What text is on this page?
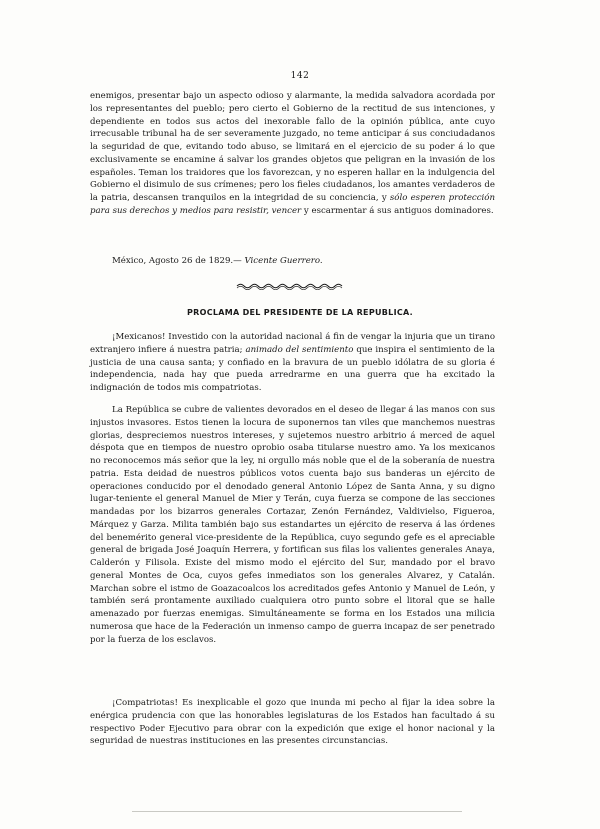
142

enemigos, presentar bajo un aspecto odioso y alarmante, la medida salvadora acordada por los representantes del pueblo; pero cierto el Gobierno de la rectitud de sus intenciones, y dependiente en todos sus actos del inexorable fallo de la opinión pública, ante cuyo irrecusable tribunal ha de ser severamente juzgado, no teme anticipar á sus conciudadanos la seguridad de que, evitando todo abuso, se limitará en el ejercicio de su poder á lo que exclusivamente se encamine á salvar los grandes objetos que peligran en la invasión de los españoles. Teman los traidores que los favorezcan, y no esperen hallar en la indulgencia del Gobierno el disimulo de sus crímenes; pero los fieles ciudadanos, los amantes verdaderos de la patria, descansen tranquilos en la integridad de su conciencia, y sólo esperen protección para sus derechos y medios para resistir, vencer y escarmentar á sus antiguos dominadores.

México, Agosto 26 de 1829.— Vicente Guerrero.
PROCLAMA DEL PRESIDENTE DE LA REPUBLICA.

¡Mexicanos! Investido con la autoridad nacional á fin de vengar la injuria que un tirano extranjero infiere á nuestra patria; animado del sentimiento que inspira el sentimiento de la justicia de una causa santa; y confiado en la bravura de un pueblo idólatra de su gloria é independencia, nada hay que pueda arredrarme en una guerra que ha excitado la indignación de todos mis compatriotas.

La República se cubre de valientes devorados en el deseo de llegar á las manos con sus injustos invasores. Estos tienen la locura de suponernos tan viles que manchemos nuestras glorias, despreciemos nuestros intereses, y sujetemos nuestro arbitrio á merced de aquel déspota que en tiempos de nuestro oprobio osaba titularse nuestro amo. Ya los mexicanos no reconocemos más señor que la ley, ni orgullo más noble que el de la soberanía de nuestra patria. Esta deidad de nuestros públicos votos cuenta bajo sus banderas un ejército de operaciones conducido por el denodado general Antonio López de Santa Anna, y su digno lugar-teniente el general Manuel de Mier y Terán, cuya fuerza se compone de las secciones mandadas por los bizarros generales Cortazar, Zenón Fernández, Valdivielso, Figueroa, Márquez y Garza. Milita también bajo sus estandartes un ejército de reserva á las órdenes del benemérito general vice-presidente de la República, cuyo segundo gefe es el apreciable general de brigada José Joaquín Herrera, y fortifican sus filas los valientes generales Anaya, Calderón y Filisola. Existe del mismo modo el ejército del Sur, mandado por el bravo general Montes de Oca, cuyos gefes inmediatos son los generales Alvarez, y Catalán. Marchan sobre el istmo de Goazacoalcos los acreditados gefes Antonio y Manuel de León, y también será prontamente auxiliado cualquiera otro punto sobre el litoral que se halle amenazado por fuerzas enemigas. Simultáneamente se forma en los Estados una milicia numerosa que hace de la Federación un inmenso campo de guerra incapaz de ser penetrado por la fuerza de los esclavos.

¡Compatriotas! Es inexplicable el gozo que inunda mi pecho al fijar la idea sobre la enérgica prudencia con que las honorables legislaturas de los Estados han facultado á su respectivo Poder Ejecutivo para obrar con la expedición que exige el honor nacional y la seguridad de nuestras instituciones en las presentes circunstancias.
